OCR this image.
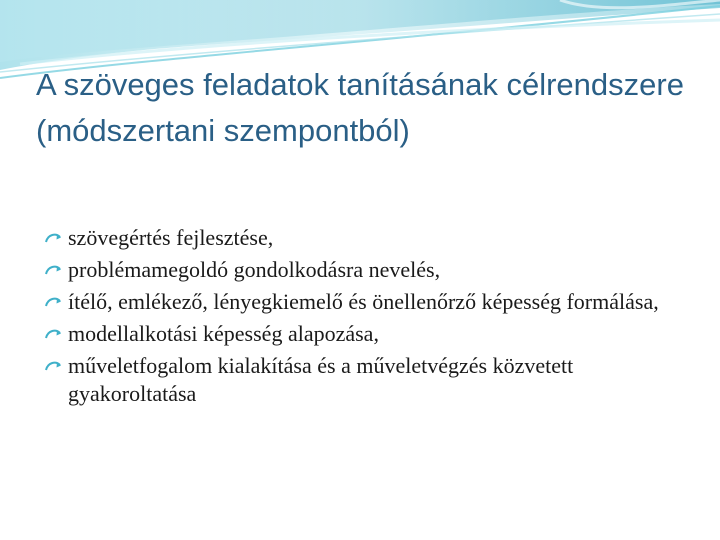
A szöveges feladatok tanításának célrendszere (módszertani szempontból)
szövegértés fejlesztése,
problémamegoldó gondolkodásra nevelés,
ítélő, emlékező, lényegkiemelő és önellenőrző képesség formálása,
modellalkotási képesség alapozása,
műveletfogalom kialakítása és a műveletvégzés közvetett gyakoroltatása
